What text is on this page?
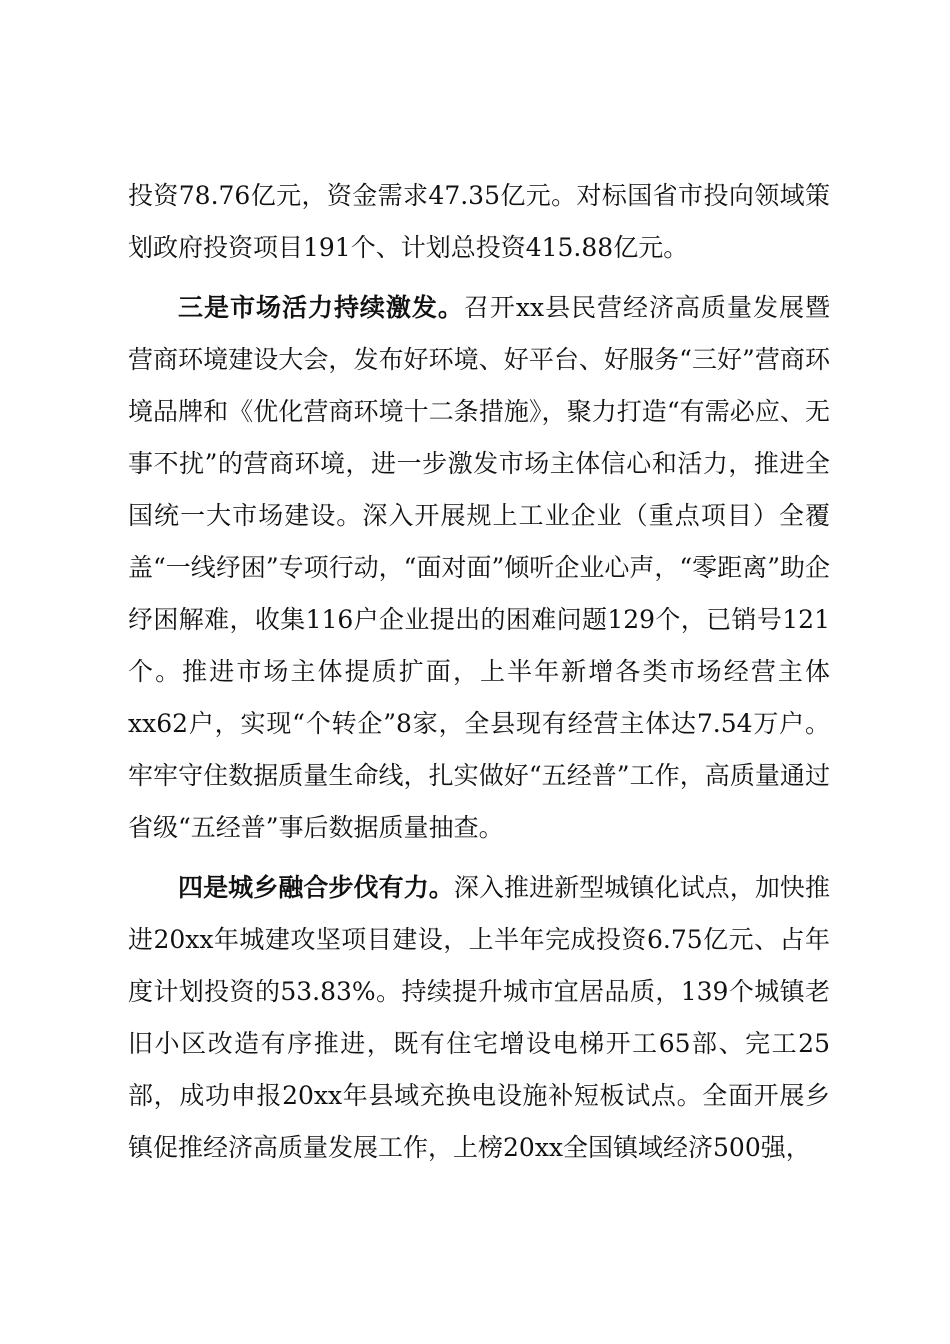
投资78.76亿元，资金需求47.35亿元。对标国省市投向领域策划政府投资项目191个、计划总投资415.88亿元。

三是市场活力持续激发。召开xx县民营经济高质量发展暨营商环境建设大会，发布好环境、好平台、好服务“三好”营商环境品牌和《优化营商环境十二条措施》，聚力打造“有需必应、无事不扰”的营商环境，进一步激发市场主体信心和活力，推进全国统一大市场建设。深入开展规上工业企业（重点项目）全覆盖“一线纾困”专项行动，“面对面”倾听企业心声，“零距离”助企纾困解难，收集116户企业提出的困难问题129个，已销号121个。推进市场主体提质扩面，上半年新增各类市场经营主体xx62户，实现“个转企”8家，全县现有经营主体达7.54万户。牢牢守住数据质量生命线，扎实做好“五经普”工作，高质量通过省级“五经普”事后数据质量抽查。

四是城乡融合步伐有力。深入推进新型城镇化试点，加快推进20xx年城建攻坚项目建设，上半年完成投资6.75亿元、占年度计划投资的53.83%。持续提升城市宜居品质，139个城镇老旧小区改造有序推进，既有住宅增设电梯开工65部、完工25部，成功申报20xx年县域充换电设施补短板试点。全面开展乡镇促推经济高质量发展工作，上榜20xx全国镇域经济500强，
